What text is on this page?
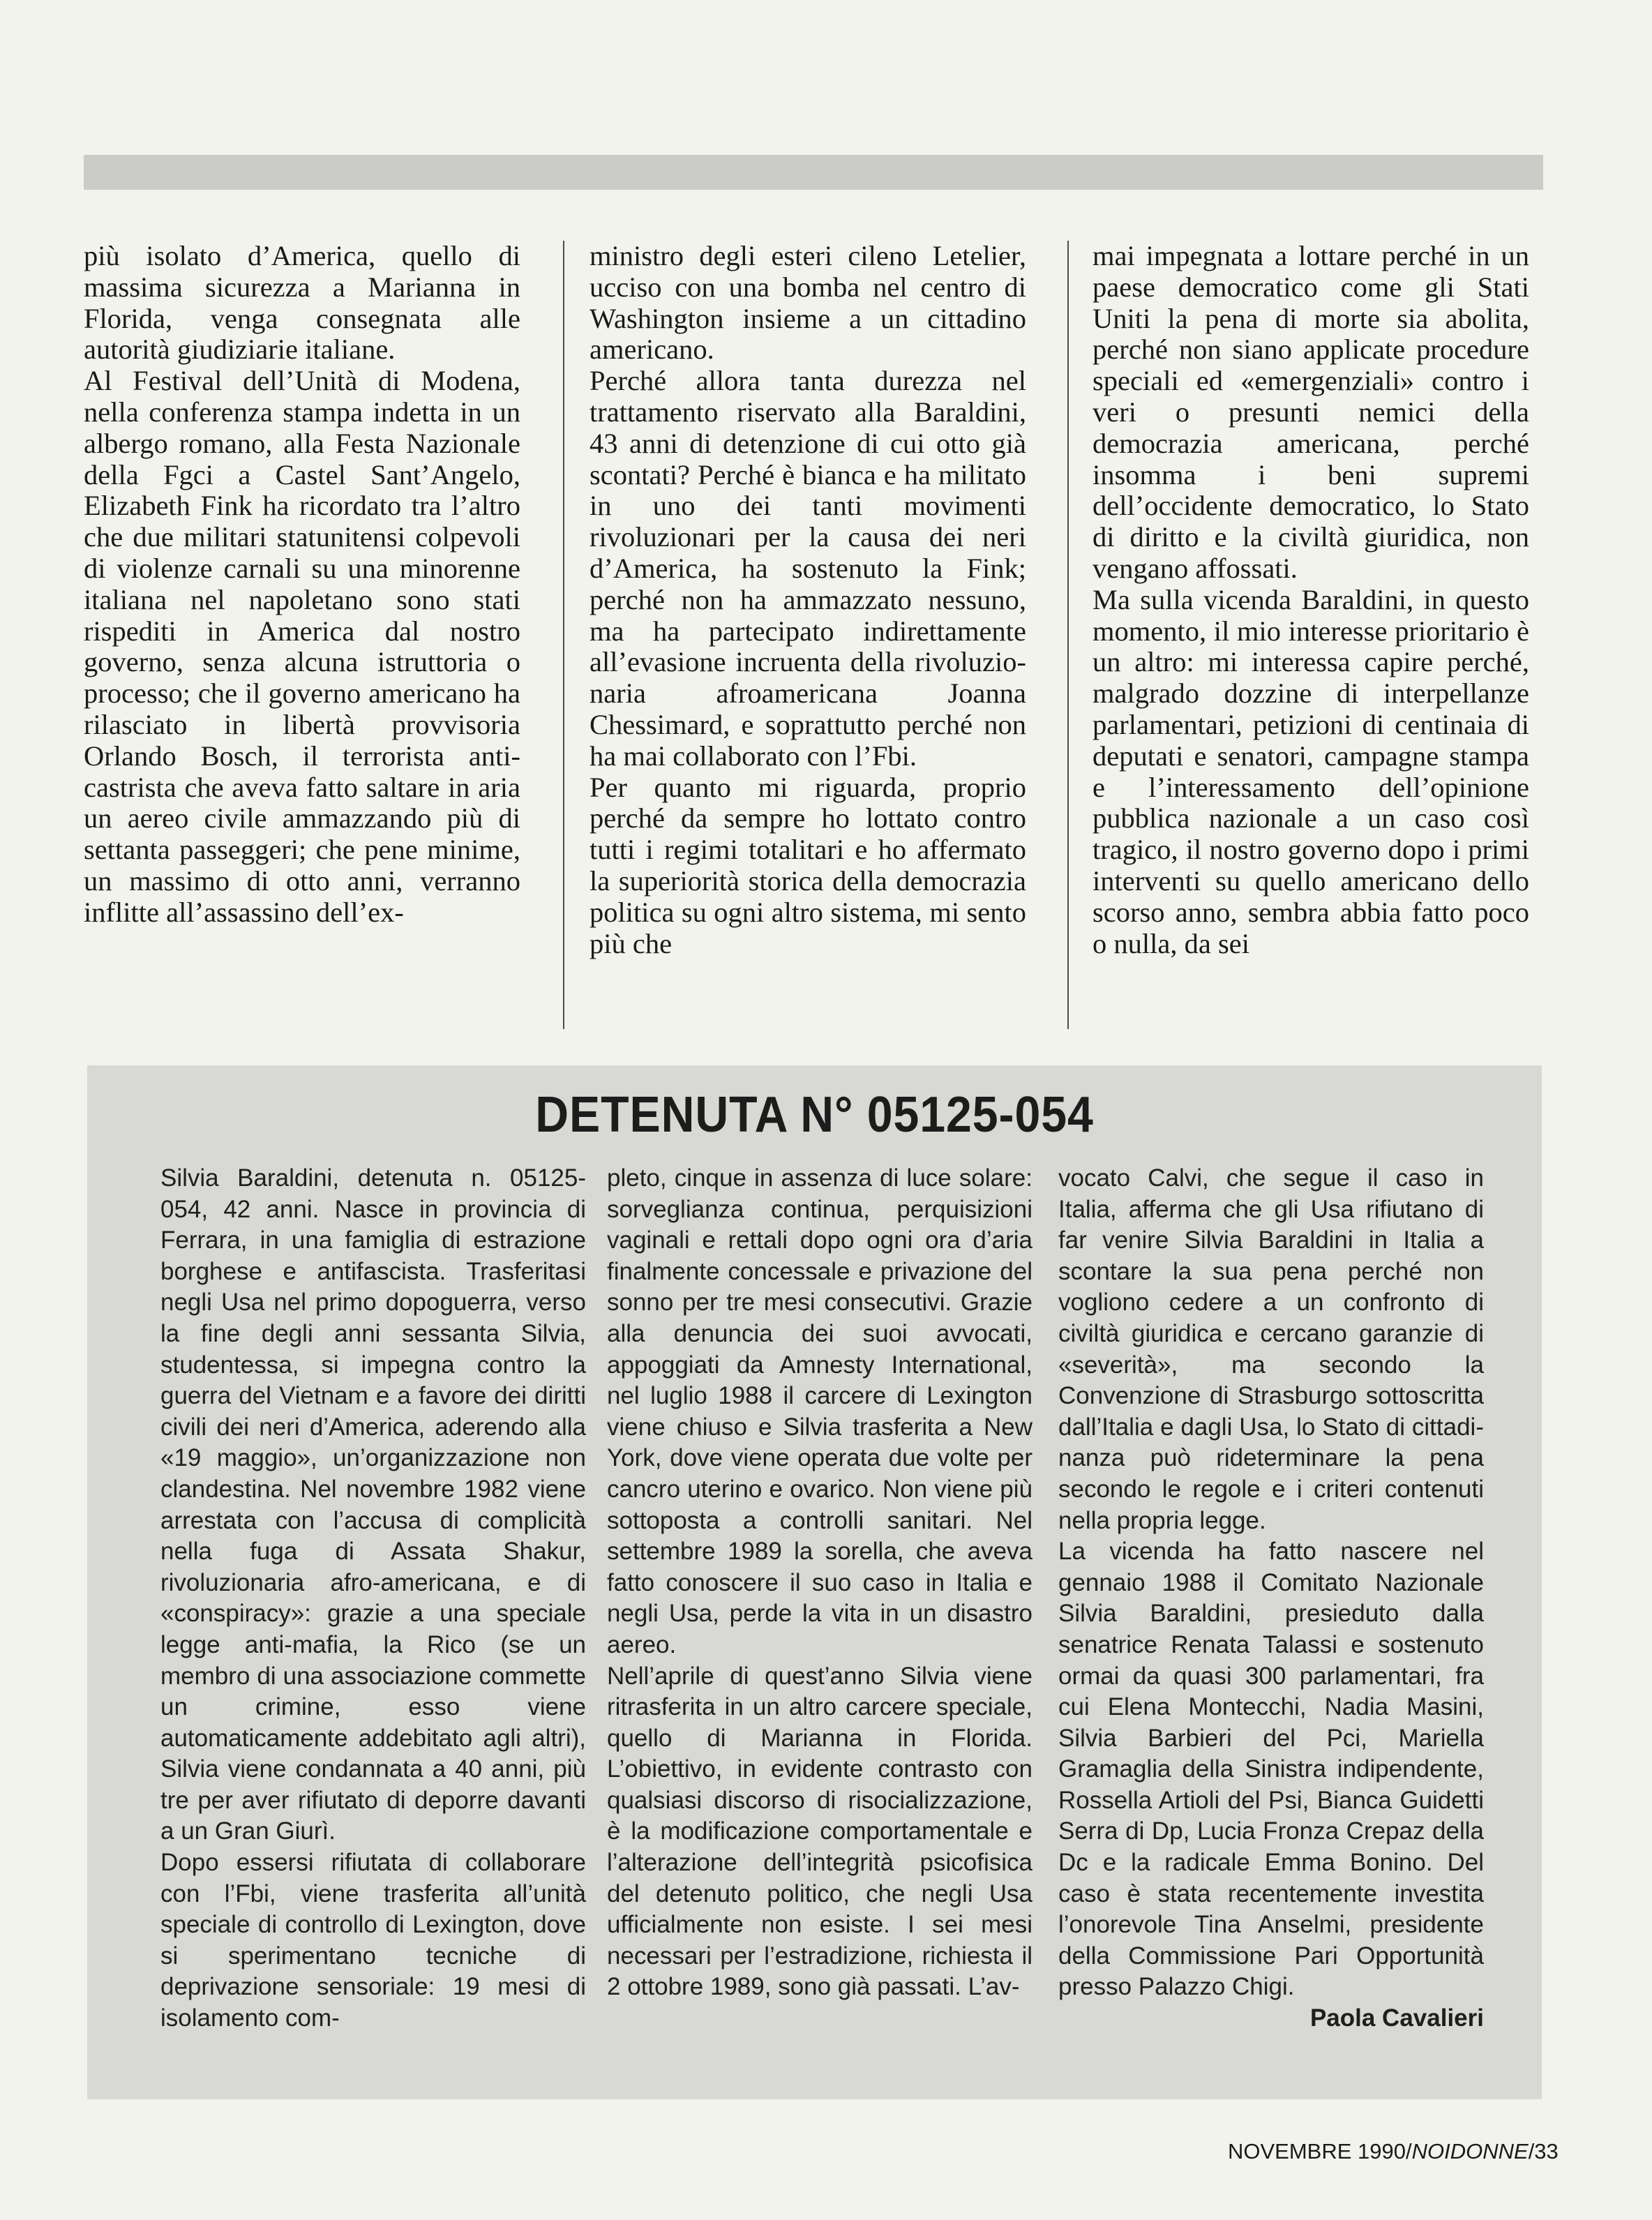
più isolato d’America, quello di massima sicurezza a Marianna in Florida, venga consegnata alle autorità giudiziarie italiane.
Al Festival dell’Unità di Modena, nella conferenza stampa indetta in un albergo romano, alla Festa Nazionale della Fgci a Castel Sant’Angelo, Elizabeth Fink ha ricordato tra l’altro che due militari statunitensi colpevoli di violenze carnali su una minorenne italiana nel napoletano sono stati rispediti in America dal nostro governo, senza alcuna istruttoria o processo; che il governo americano ha rilasciato in libertà provvisoria Orlando Bosch, il terrorista anti-castrista che aveva fatto saltare in aria un aereo civile ammazzando più di settanta passeggeri; che pene minime, un massimo di otto anni, verranno inflitte all’assassino dell’ex-
ministro degli esteri cileno Letelier, ucciso con una bomba nel centro di Washington insieme a un cittadino americano.
Perché allora tanta durezza nel trattamento riservato alla Baraldini, 43 anni di detenzione di cui otto già scontati? Perché è bianca e ha militato in uno dei tanti movimenti rivoluzionari per la causa dei neri d’America, ha sostenuto la Fink; perché non ha ammazzato nessuno, ma ha partecipato indirettamente all’evasione incruenta della rivoluzionaria afroamericana Joanna Chessimard, e soprattutto perché non ha mai collaborato con l’Fbi.
Per quanto mi riguarda, proprio perché da sempre ho lottato contro tutti i regimi totalitari e ho affermato la superiorità storica della democrazia politica su ogni altro sistema, mi sento più che
mai impegnata a lottare perché in un paese democratico come gli Stati Uniti la pena di morte sia abolita, perché non siano applicate procedure speciali ed «emergenziali» contro i veri o presunti nemici della democrazia americana, perché insomma i beni supremi dell’occidente democratico, lo Stato di diritto e la civiltà giuridica, non vengano affossati.
Ma sulla vicenda Baraldini, in questo momento, il mio interesse prioritario è un altro: mi interessa capire perché, malgrado dozzine di interpellanze parlamentari, petizioni di centinaia di deputati e senatori, campagne stampa e l’interessamento dell’opinione pubblica nazionale a un caso così tragico, il nostro governo dopo i primi interventi su quello americano dello scorso anno, sembra abbia fatto poco o nulla, da sei
DETENUTA N° 05125-054
Silvia Baraldini, detenuta n. 05125-054, 42 anni. Nasce in provincia di Ferrara, in una famiglia di estrazione borghese e antifascista. Trasferitasi negli Usa nel primo dopoguerra, verso la fine degli anni sessanta Silvia, studentessa, si impegna contro la guerra del Vietnam e a favore dei diritti civili dei neri d’America, aderendo alla «19 maggio», un’organizzazione non clandestina. Nel novembre 1982 viene arrestata con l’accusa di complicità nella fuga di Assata Shakur, rivoluzionaria afro-americana, e di «conspiracy»: grazie a una speciale legge anti-mafia, la Rico (se un membro di una associazione commette un crimine, esso viene automaticamente addebitato agli altri), Silvia viene condannata a 40 anni, più tre per aver rifiutato di deporre davanti a un Gran Giurì.
Dopo essersi rifiutata di collaborare con l’Fbi, viene trasferita all’unità speciale di controllo di Lexington, dove si sperimentano tecniche di deprivazione sensoriale: 19 mesi di isolamento com-
pleto, cinque in assenza di luce solare: sorveglianza continua, perquisizioni vaginali e rettali dopo ogni ora d’aria finalmente concessale e privazione del sonno per tre mesi consecutivi. Grazie alla denuncia dei suoi avvocati, appoggiati da Amnesty International, nel luglio 1988 il carcere di Lexington viene chiuso e Silvia trasferita a New York, dove viene operata due volte per cancro uterino e ovarico. Non viene più sottoposta a controlli sanitari. Nel settembre 1989 la sorella, che aveva fatto conoscere il suo caso in Italia e negli Usa, perde la vita in un disastro aereo.
Nell’aprile di quest’anno Silvia viene ritrasferita in un altro carcere speciale, quello di Marianna in Florida. L’obiettivo, in evidente contrasto con qualsiasi discorso di risocializzazione, è la modificazione comportamentale e l’alterazione dell’integrità psicofisica del detenuto politico, che negli Usa ufficialmente non esiste. I sei mesi necessari per l’estradizione, richiesta il 2 ottobre 1989, sono già passati. L’av-
vocato Calvi, che segue il caso in Italia, afferma che gli Usa rifiutano di far venire Silvia Baraldini in Italia a scontare la sua pena perché non vogliono cedere a un confronto di civiltà giuridica e cercano garanzie di «severità», ma secondo la Convenzione di Strasburgo sottoscritta dall’Italia e dagli Usa, lo Stato di cittadinanza può rideterminare la pena secondo le regole e i criteri contenuti nella propria legge.
La vicenda ha fatto nascere nel gennaio 1988 il Comitato Nazionale Silvia Baraldini, presieduto dalla senatrice Renata Talassi e sostenuto ormai da quasi 300 parlamentari, fra cui Elena Montecchi, Nadia Masini, Silvia Barbieri del Pci, Mariella Gramaglia della Sinistra indipendente, Rossella Artioli del Psi, Bianca Guidetti Serra di Dp, Lucia Fronza Crepaz della Dc e la radicale Emma Bonino. Del caso è stata recentemente investita l’onorevole Tina Anselmi, presidente della Commissione Pari Opportunità presso Palazzo Chigi.
Paola Cavalieri
NOVEMBRE 1990/NOIDONNE/33
